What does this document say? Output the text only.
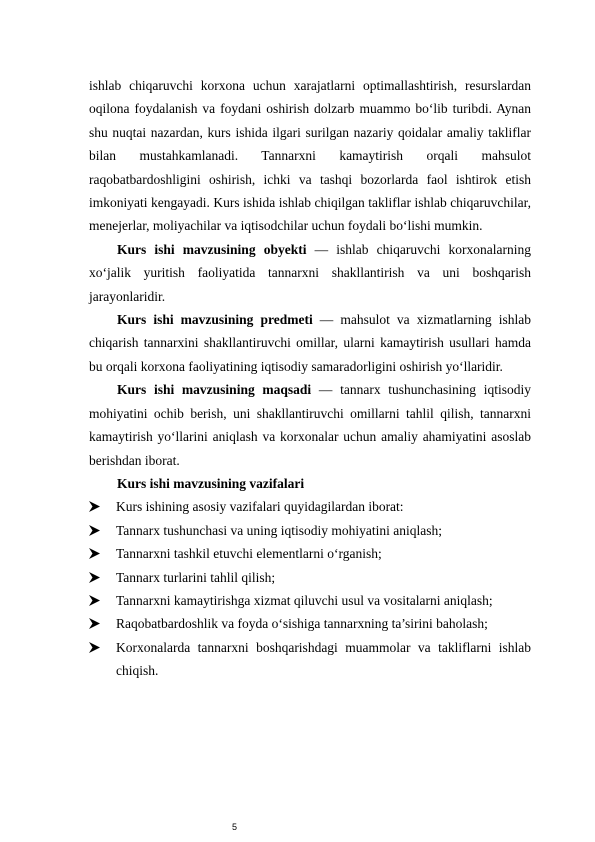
ishlab chiqaruvchi korxona uchun xarajatlarni optimallashtirish, resurslardan oqilona foydalanish va foydani oshirish dolzarb muammo bo‘lib turibdi. Aynan shu nuqtai nazardan, kurs ishida ilgari surilgan nazariy qoidalar amaliy takliflar bilan mustahkamlanadi. Tannarxni kamaytirish orqali mahsulot raqobatbardoshligini oshirish, ichki va tashqi bozorlarda faol ishtirok etish imkoniyati kengayadi. Kurs ishida ishlab chiqilgan takliflar ishlab chiqaruvchilar, menejerlar, moliyachilar va iqtisodchilar uchun foydali bo‘lishi mumkin.

Kurs ishi mavzusining obyekti — ishlab chiqaruvchi korxonalarning xo‘jalik yuritish faoliyatida tannarxni shakllantirish va uni boshqarish jarayonlaridir.

Kurs ishi mavzusining predmeti — mahsulot va xizmatlarning ishlab chiqarish tannarxini shakllantiruvchi omillar, ularni kamaytirish usullari hamda bu orqali korxona faoliyatining iqtisodiy samaradorligini oshirish yo‘llaridir.

Kurs ishi mavzusining maqsadi — tannarx tushunchasining iqtisodiy mohiyatini ochib berish, uni shakllantiruvchi omillarni tahlil qilish, tannarxni kamaytirish yo‘llarini aniqlash va korxonalar uchun amaliy ahamiyatini asoslab berishdan iborat.

Kurs ishi mavzusining vazifalari

Kurs ishining asosiy vazifalari quyidagilardan iborat:
Tannarx tushunchasi va uning iqtisodiy mohiyatini aniqlash;
Tannarxni tashkil etuvchi elementlarni o‘rganish;
Tannarx turlarini tahlil qilish;
Tannarxni kamaytirishga xizmat qiluvchi usul va vositalarni aniqlash;
Raqobatbardoshlik va foyda o‘sishiga tannarxning ta’sirini baholash;
Korxonalarda tannarxni boshqarishdagi muammolar va takliflarni ishlab chiqish.
5
